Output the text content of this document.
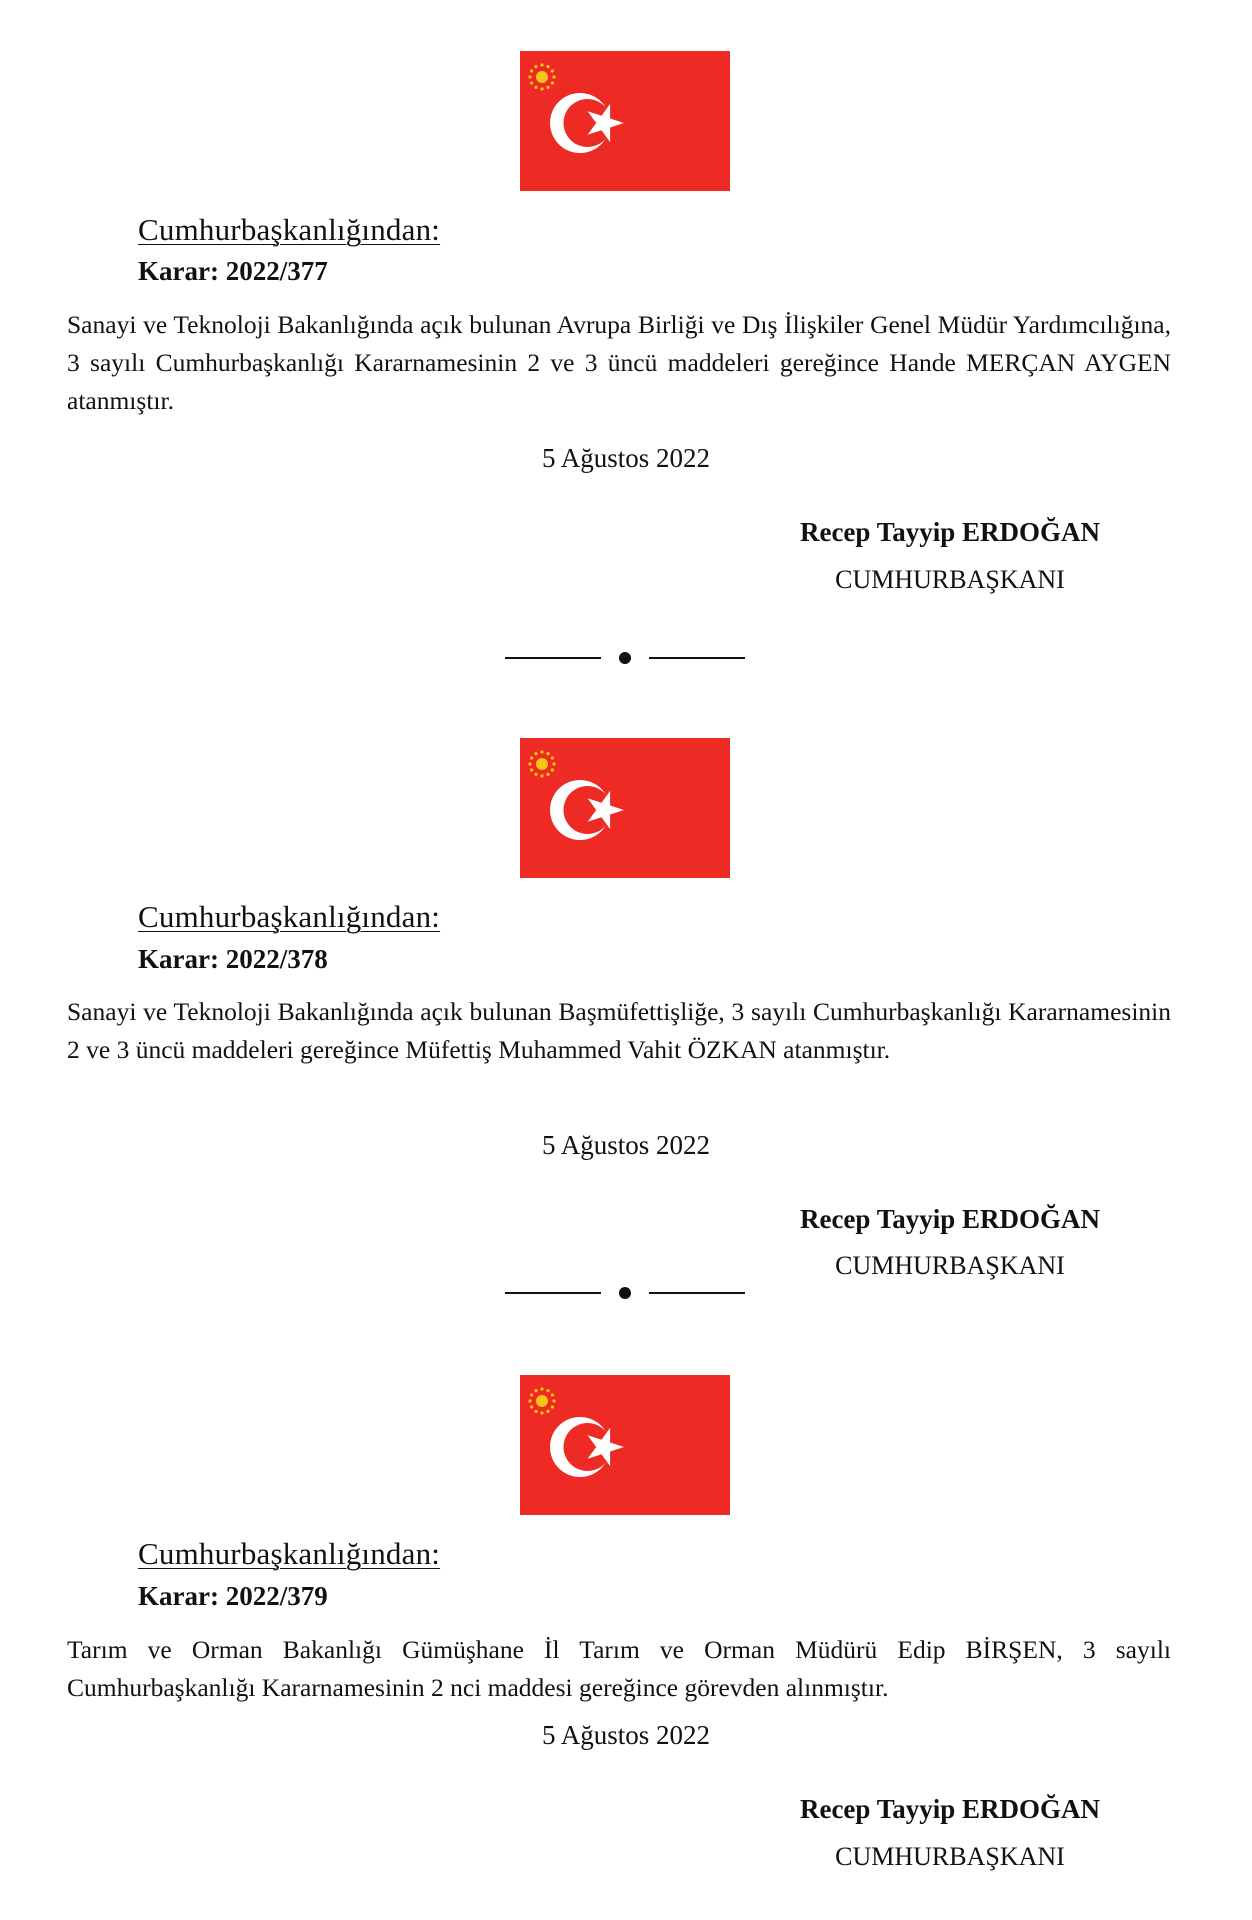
Cumhurbaşkanlığından:
Karar: 2022/377
Sanayi ve Teknoloji Bakanlığında açık bulunan Avrupa Birliği ve Dış İlişkiler Genel Müdür Yardımcılığına, 3 sayılı Cumhurbaşkanlığı Kararnamesinin 2 ve 3 üncü maddeleri gereğince Hande MERÇAN AYGEN atanmıştır.
5 Ağustos 2022
Recep Tayyip ERDOĞAN
CUMHURBAŞKANI
Cumhurbaşkanlığından:
Karar: 2022/378
Sanayi ve Teknoloji Bakanlığında açık bulunan Başmüfettişliğe, 3 sayılı Cumhurbaşkanlığı Kararnamesinin 2 ve 3 üncü maddeleri gereğince Müfettiş Muhammed Vahit ÖZKAN atanmıştır.
5 Ağustos 2022
Recep Tayyip ERDOĞAN
CUMHURBAŞKANI
Cumhurbaşkanlığından:
Karar: 2022/379
Tarım ve Orman Bakanlığı Gümüşhane İl Tarım ve Orman Müdürü Edip BİRŞEN, 3 sayılı Cumhurbaşkanlığı Kararnamesinin 2 nci maddesi gereğince görevden alınmıştır.
5 Ağustos 2022
Recep Tayyip ERDOĞAN
CUMHURBAŞKANI
